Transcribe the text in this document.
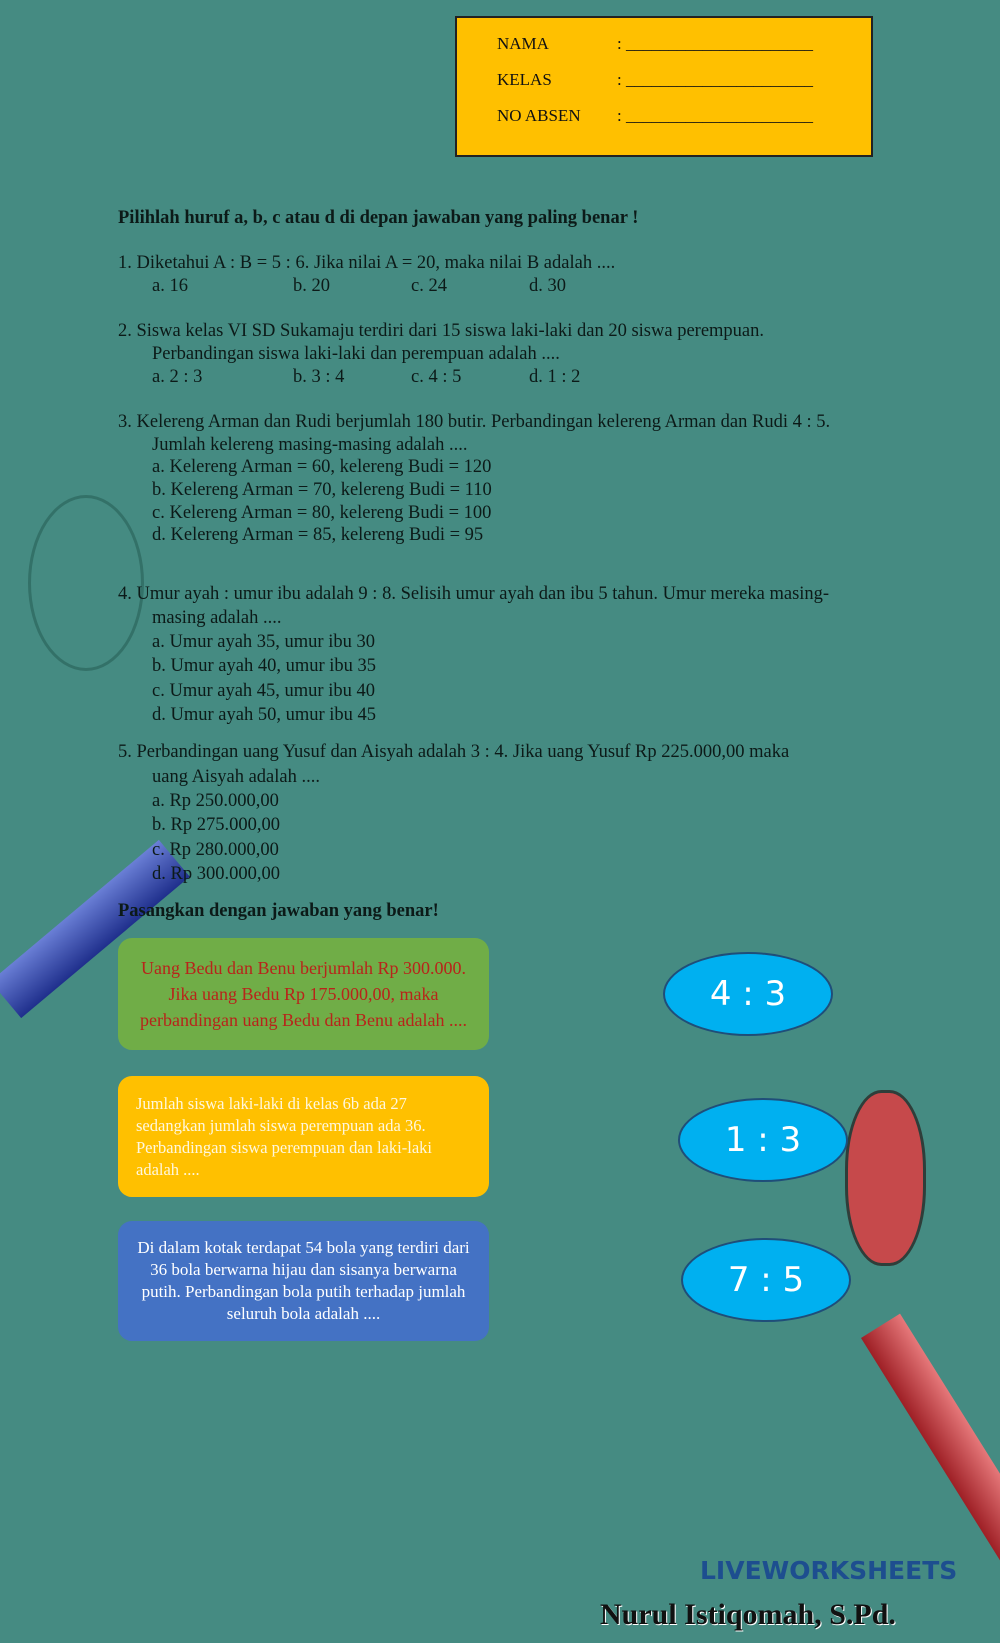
NAMA	: ______________________
KELAS	: ______________________
NO ABSEN : ______________________
Pilihlah huruf a, b, c atau d di depan jawaban yang paling benar !
1. Diketahui A : B = 5 : 6. Jika nilai A = 20, maka nilai B adalah ....
a. 16	b. 20	c. 24	d. 30
2. Siswa kelas VI SD Sukamaju terdiri dari 15 siswa laki-laki dan 20 siswa perempuan.
Perbandingan siswa laki-laki dan perempuan adalah ....
a. 2 : 3	b. 3 : 4	c. 4 : 5	d. 1 : 2
3. Kelereng Arman dan Rudi berjumlah 180 butir. Perbandingan kelereng Arman dan Rudi 4 : 5.
Jumlah kelereng masing-masing adalah ....
a. Kelereng Arman = 60, kelereng Budi = 120
b. Kelereng Arman = 70, kelereng Budi = 110
c. Kelereng Arman = 80, kelereng Budi = 100
d. Kelereng Arman = 85, kelereng Budi = 95
4. Umur ayah : umur ibu adalah 9 : 8. Selisih umur ayah dan ibu 5 tahun. Umur mereka masing-
masing adalah ....
a. Umur ayah 35, umur ibu 30
b. Umur ayah 40, umur ibu 35
c. Umur ayah 45, umur ibu 40
d. Umur ayah 50, umur ibu 45
5. Perbandingan uang Yusuf dan Aisyah adalah 3 : 4. Jika uang Yusuf Rp 225.000,00 maka
uang Aisyah adalah ....
a. Rp 250.000,00
b. Rp 275.000,00
c. Rp 280.000,00
d. Rp 300.000,00
Pasangkan dengan jawaban yang benar!
Uang Bedu dan Benu berjumlah Rp 300.000. Jika uang Bedu Rp 175.000,00, maka perbandingan uang Bedu dan Benu adalah ....
Jumlah siswa laki-laki di kelas 6b ada 27 sedangkan jumlah siswa perempuan ada 36. Perbandingan siswa perempuan dan laki-laki adalah ....
Di dalam kotak terdapat 54 bola yang terdiri dari 36 bola berwarna hijau dan sisanya berwarna putih. Perbandingan bola putih terhadap jumlah seluruh bola adalah ....
4 : 3
1 : 3
7 : 5
LIVEWORKSHEETS
Nurul Istiqomah, S.Pd.
